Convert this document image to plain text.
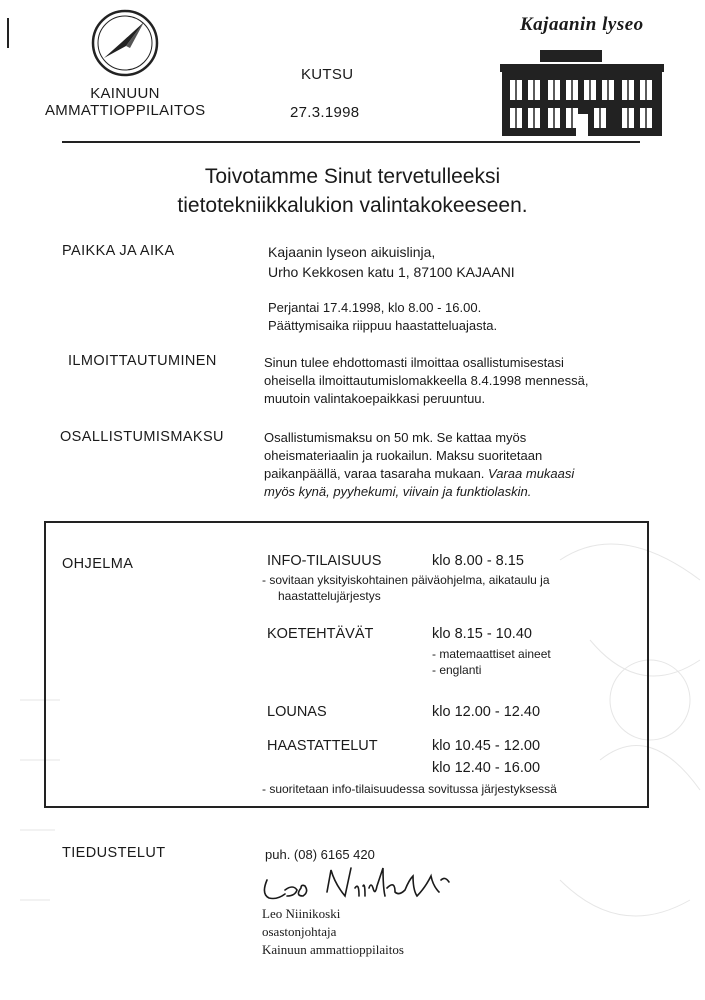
KAINUUN
AMMATTIOPPILAITOS
KUTSU
27.3.1998
Kajaanin lyseo
Toivotamme Sinut tervetulleeksi
tietotekniikkalukion valintakokeeseen.
PAIKKA JA AIKA	Kajaanin lyseon aikuislinja,
Urho Kekkosen katu 1, 87100 KAJAANI
Perjantai 17.4.1998, klo 8.00 - 16.00.
Päättymisaika riippuu haastatteluajasta.
ILMOITTAUTUMINEN	Sinun tulee ehdottomasti ilmoittaa osallistumisestasi
oheisella ilmoittautumislomakkeella 8.4.1998 mennessä,
muutoin valintakoepaikkasi peruuntuu.
OSALLISTUMISMAKSU	Osallistumismaksu on 50 mk. Se kattaa myös
oheismateriaalin ja ruokailun. Maksu suoritetaan
paikanpäällä, varaa tasaraha mukaan. Varaa mukaasi
myös kynä, pyyhekumi, viivain ja funktiolaskin.
OHJELMA	INFO-TILAISUUS	klo 8.00 - 8.15
- sovitaan yksityiskohtainen päiväohjelma, aikataulu ja
haastattelujärjestys
KOETEHTÄVÄT	klo 8.15 - 10.40
- matemaattiset aineet
- englanti
LOUNAS	klo 12.00 - 12.40
HAASTATTELUT	klo 10.45 - 12.00
klo 12.40 - 16.00
- suoritetaan info-tilaisuudessa sovitussa järjestyksessä
TIEDUSTELUT	puh. (08) 6165 420
Leo Niinikoski
osastonjohtaja
Kainuun ammattioppilaitos
